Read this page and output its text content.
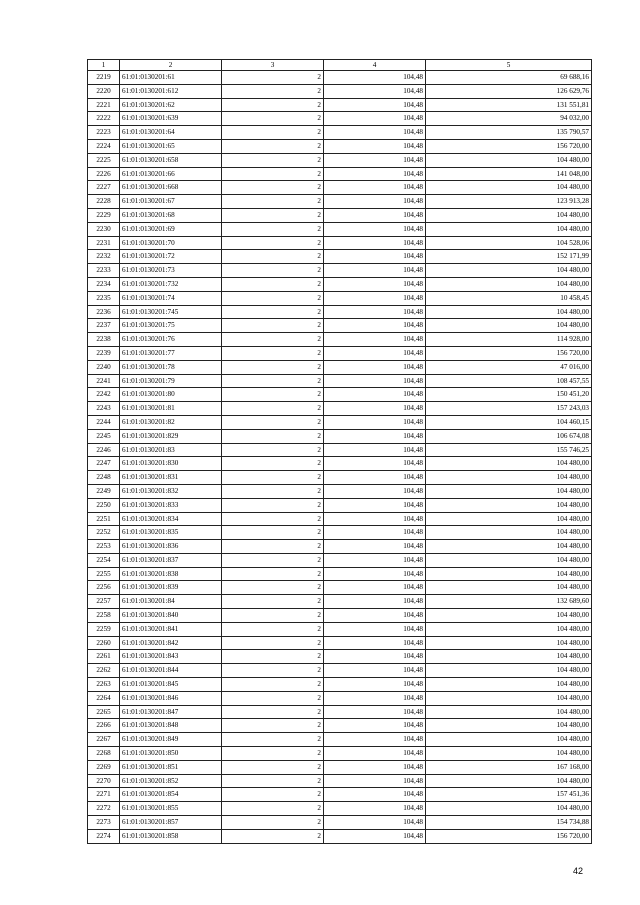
1	2	3	4	5
2219	61:01:0130201:61	2	104,48	69 688,16
2220	61:01:0130201:612	2	104,48	126 629,76
2221	61:01:0130201:62	2	104,48	131 551,81
2222	61:01:0130201:639	2	104,48	94 032,00
2223	61:01:0130201:64	2	104,48	135 790,57
2224	61:01:0130201:65	2	104,48	156 720,00
2225	61:01:0130201:658	2	104,48	104 480,00
2226	61:01:0130201:66	2	104,48	141 048,00
2227	61:01:0130201:668	2	104,48	104 480,00
2228	61:01:0130201:67	2	104,48	123 913,28
2229	61:01:0130201:68	2	104,48	104 480,00
2230	61:01:0130201:69	2	104,48	104 480,00
2231	61:01:0130201:70	2	104,48	104 528,06
2232	61:01:0130201:72	2	104,48	152 171,99
2233	61:01:0130201:73	2	104,48	104 480,00
2234	61:01:0130201:732	2	104,48	104 480,00
2235	61:01:0130201:74	2	104,48	10 458,45
2236	61:01:0130201:745	2	104,48	104 480,00
2237	61:01:0130201:75	2	104,48	104 480,00
2238	61:01:0130201:76	2	104,48	114 928,00
2239	61:01:0130201:77	2	104,48	156 720,00
2240	61:01:0130201:78	2	104,48	47 016,00
2241	61:01:0130201:79	2	104,48	108 457,55
2242	61:01:0130201:80	2	104,48	150 451,20
2243	61:01:0130201:81	2	104,48	157 243,03
2244	61:01:0130201:82	2	104,48	104 460,15
2245	61:01:0130201:829	2	104,48	106 674,08
2246	61:01:0130201:83	2	104,48	155 746,25
2247	61:01:0130201:830	2	104,48	104 480,00
2248	61:01:0130201:831	2	104,48	104 480,00
2249	61:01:0130201:832	2	104,48	104 480,00
2250	61:01:0130201:833	2	104,48	104 480,00
2251	61:01:0130201:834	2	104,48	104 480,00
2252	61:01:0130201:835	2	104,48	104 480,00
2253	61:01:0130201:836	2	104,48	104 480,00
2254	61:01:0130201:837	2	104,48	104 480,00
2255	61:01:0130201:838	2	104,48	104 480,00
2256	61:01:0130201:839	2	104,48	104 480,00
2257	61:01:0130201:84	2	104,48	132 689,60
2258	61:01:0130201:840	2	104,48	104 480,00
2259	61:01:0130201:841	2	104,48	104 480,00
2260	61:01:0130201:842	2	104,48	104 480,00
2261	61:01:0130201:843	2	104,48	104 480,00
2262	61:01:0130201:844	2	104,48	104 480,00
2263	61:01:0130201:845	2	104,48	104 480,00
2264	61:01:0130201:846	2	104,48	104 480,00
2265	61:01:0130201:847	2	104,48	104 480,00
2266	61:01:0130201:848	2	104,48	104 480,00
2267	61:01:0130201:849	2	104,48	104 480,00
2268	61:01:0130201:850	2	104,48	104 480,00
2269	61:01:0130201:851	2	104,48	167 168,00
2270	61:01:0130201:852	2	104,48	104 480,00
2271	61:01:0130201:854	2	104,48	157 451,36
2272	61:01:0130201:855	2	104,48	104 480,00
2273	61:01:0130201:857	2	104,48	154 734,88
2274	61:01:0130201:858	2	104,48	156 720,00
42
